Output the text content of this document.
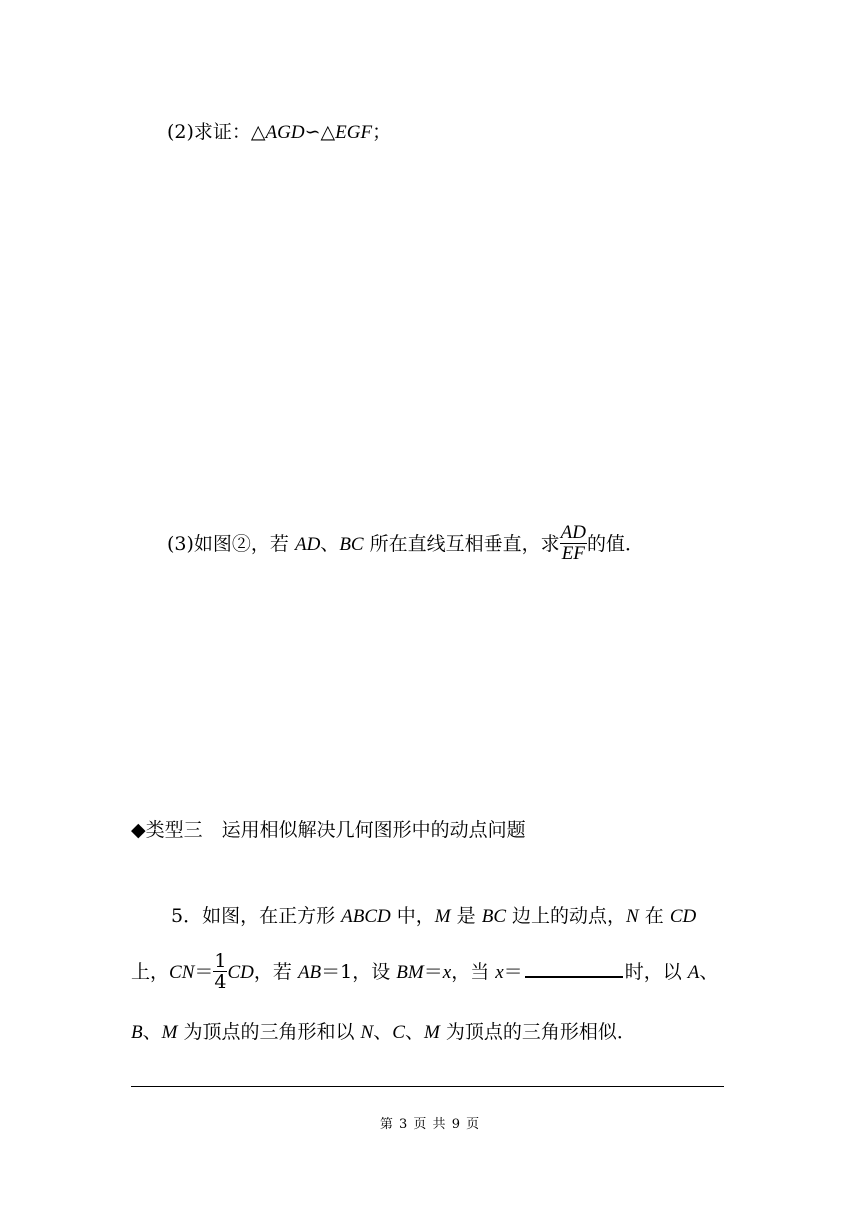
(2)求证：△AGD∽△EGF；
(3)如图②，若 AD、BC 所在直线互相垂直，求 $\frac{AD}{EF}$ 的值．
◆类型三　运用相似解决几何图形中的动点问题
5．如图，在正方形 ABCD 中，M 是 BC 边上的动点，N 在 CD
上，$CN= \frac{1}{4}$ CD，若 AB＝1，设 BM＝x，当 x＝	时，以 A、
B、M 为顶点的三角形和以 N、C、M 为顶点的三角形相似．
第 3 页 共 9 页
